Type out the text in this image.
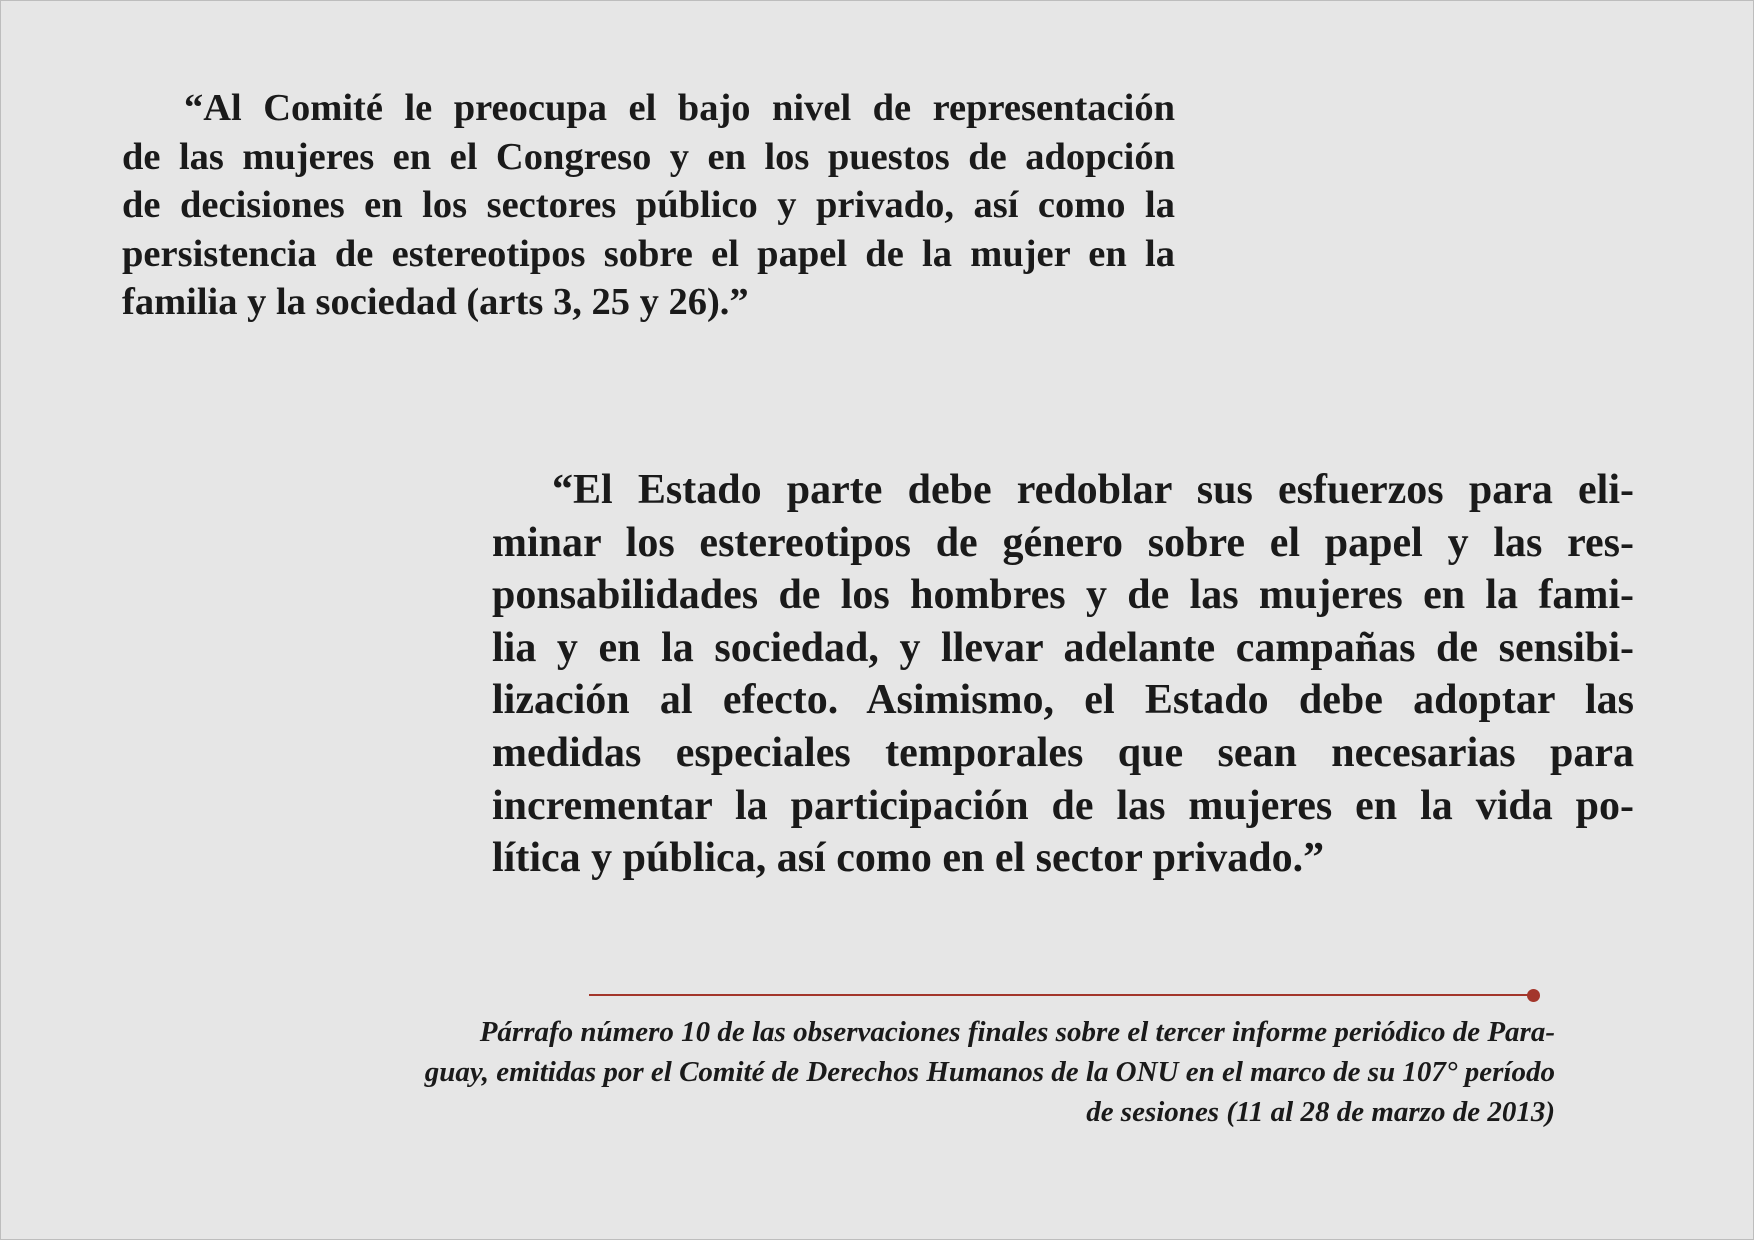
“Al Comité le preocupa el bajo nivel de representación
de las mujeres en el Congreso y en los puestos de adopción
de decisiones en los sectores público y privado, así como la
persistencia de estereotipos sobre el papel de la mujer en la
familia y la sociedad (arts 3, 25 y 26).”
“El Estado parte debe redoblar sus esfuerzos para eli-
minar los estereotipos de género sobre el papel y las res-
ponsabilidades de los hombres y de las mujeres en la fami-
lia y en la sociedad, y llevar adelante campañas de sensibi-
lización al efecto. Asimismo, el Estado debe adoptar las
medidas especiales temporales que sean necesarias para
incrementar la participación de las mujeres en la vida po-
lítica y pública, así como en el sector privado.”

Párrafo número 10 de las observaciones finales sobre el tercer informe periódico de Para-
guay, emitidas por el Comité de Derechos Humanos de la ONU en el marco de su 107° período
de sesiones (11 al 28 de marzo de 2013)
